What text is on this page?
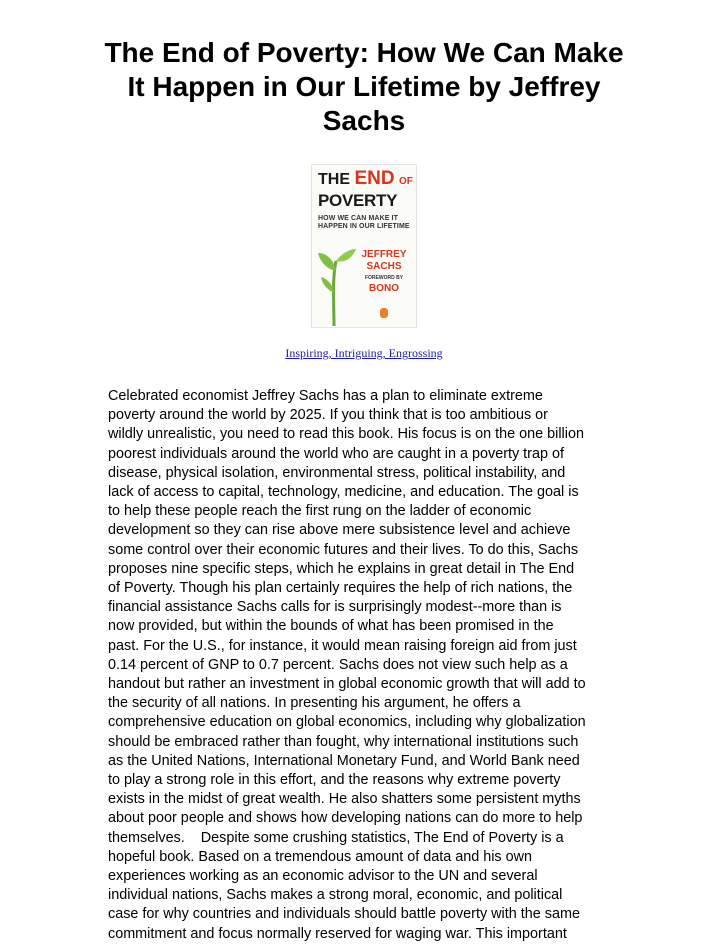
The End of Poverty: How We Can Make It Happen in Our Lifetime by Jeffrey Sachs
THE END OF
POVERTY
HOW WE CAN MAKE IT
HAPPEN IN OUR LIFETIME
JEFFREY
SACHS
FOREWORD BY
BONO
Inspiring, Intriguing, Engrossing
Celebrated economist Jeffrey Sachs has a plan to eliminate extreme
poverty around the world by 2025. If you think that is too ambitious or
wildly unrealistic, you need to read this book. His focus is on the one billion
poorest individuals around the world who are caught in a poverty trap of
disease, physical isolation, environmental stress, political instability, and
lack of access to capital, technology, medicine, and education. The goal is
to help these people reach the first rung on the ladder of economic
development so they can rise above mere subsistence level and achieve
some control over their economic futures and their lives. To do this, Sachs
proposes nine specific steps, which he explains in great detail in The End
of Poverty. Though his plan certainly requires the help of rich nations, the
financial assistance Sachs calls for is surprisingly modest--more than is
now provided, but within the bounds of what has been promised in the
past. For the U.S., for instance, it would mean raising foreign aid from just
0.14 percent of GNP to 0.7 percent. Sachs does not view such help as a
handout but rather an investment in global economic growth that will add to
the security of all nations. In presenting his argument, he offers a
comprehensive education on global economics, including why globalization
should be embraced rather than fought, why international institutions such
as the United Nations, International Monetary Fund, and World Bank need
to play a strong role in this effort, and the reasons why extreme poverty
exists in the midst of great wealth. He also shatters some persistent myths
about poor people and shows how developing nations can do more to help
themselves.    Despite some crushing statistics, The End of Poverty is a
hopeful book. Based on a tremendous amount of data and his own
experiences working as an economic advisor to the UN and several
individual nations, Sachs makes a strong moral, economic, and political
case for why countries and individuals should battle poverty with the same
commitment and focus normally reserved for waging war. This important
